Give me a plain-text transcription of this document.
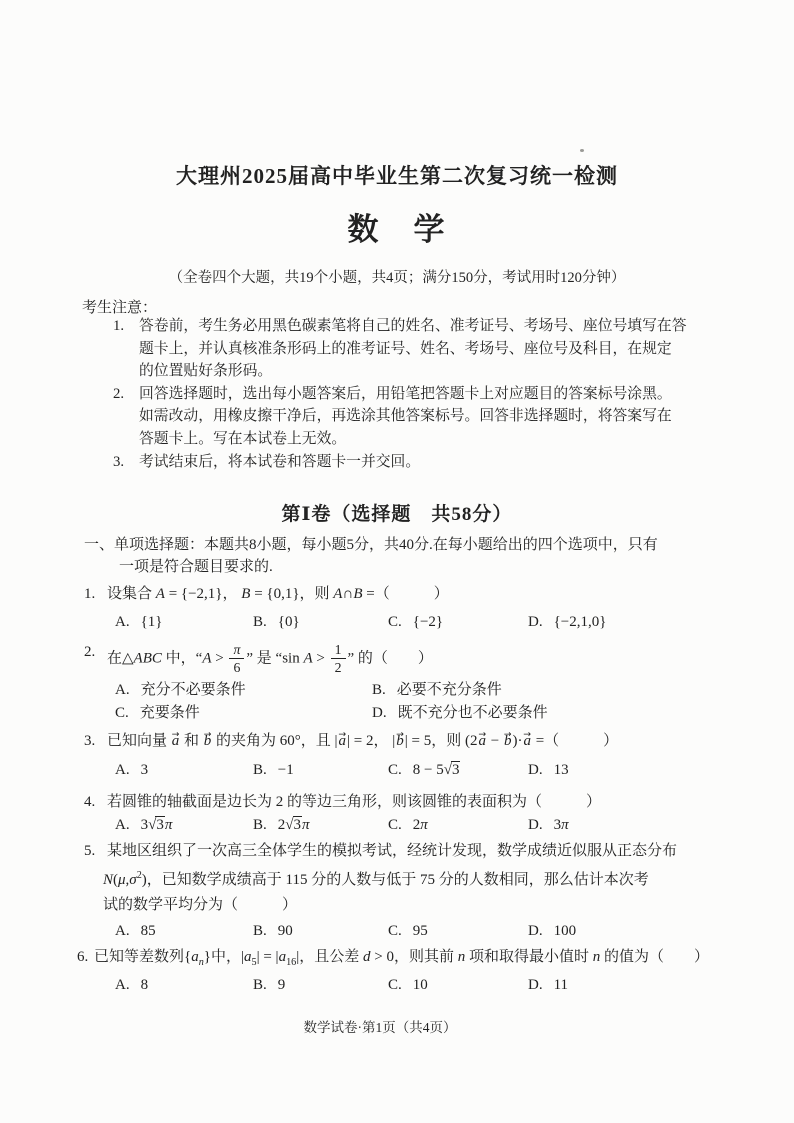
大理州2025届高中毕业生第二次复习统一检测
数　学
（全卷四个大题，共19个小题，共4页；满分150分，考试用时120分钟）
考生注意：
1.	答卷前，考生务必用黑色碳素笔将自己的姓名、准考证号、考场号、座位号填写在答
题卡上，并认真核准条形码上的准考证号、姓名、考场号、座位号及科目，在规定
的位置贴好条形码。
2.	回答选择题时，选出每小题答案后，用铅笔把答题卡上对应题目的答案标号涂黑。
如需改动，用橡皮擦干净后，再选涂其他答案标号。回答非选择题时，将答案写在
答题卡上。写在本试卷上无效。
3.	考试结束后，将本试卷和答题卡一并交回。
第Ⅰ卷（选择题　共58分）
一、单项选择题：本题共8小题，每小题5分，共40分.在每小题给出的四个选项中，只有
一项是符合题目要求的.
1. 设集合 A = {−2,1}， B = {0,1}，则 A∩B =（	）
A. {1}	B. {0}	C. {−2}	D. {−2,1,0}
2. 在△ABC 中，“$A > \frac{\pi}{6}$ ” 是 “sin $A > \frac{1}{2}$ ” 的（ ）
A. 充分不必要条件	B. 必要不充分条件
C. 充要条件	D. 既不充分也不必要条件
3. 已知向量 a → 和 b → 的夹角为 60°，且 |a →| = 2， |b →| = 5，则 (2a → − b →)·a → =（	）
A. 3	B. −1	C. 8 − 5√3	D. 13
4. 若圆锥的轴截面是边长为 2 的等边三角形，则该圆锥的表面积为（	）
A. 3√3π	B. 2√3π	C. 2π	D. 3π
5. 某地区组织了一次高三全体学生的模拟考试，经统计发现，数学成绩近似服从正态分布
$N(\mu,\sigma^2)$，已知数学成绩高于 115 分的人数与低于 75 分的人数相同，那么估计本次考
试的数学平均分为（	）
A. 85	B. 90	C. 95	D. 100
6. 已知等差数列$\{a_n\}$中，$|a_5| = |a_{16}|$，且公差 d > 0，则其前 n 项和取得最小值时 n 的值为（ ）
A. 8	B. 9	C. 10	D. 11
数学试卷·第1页（共4页）
